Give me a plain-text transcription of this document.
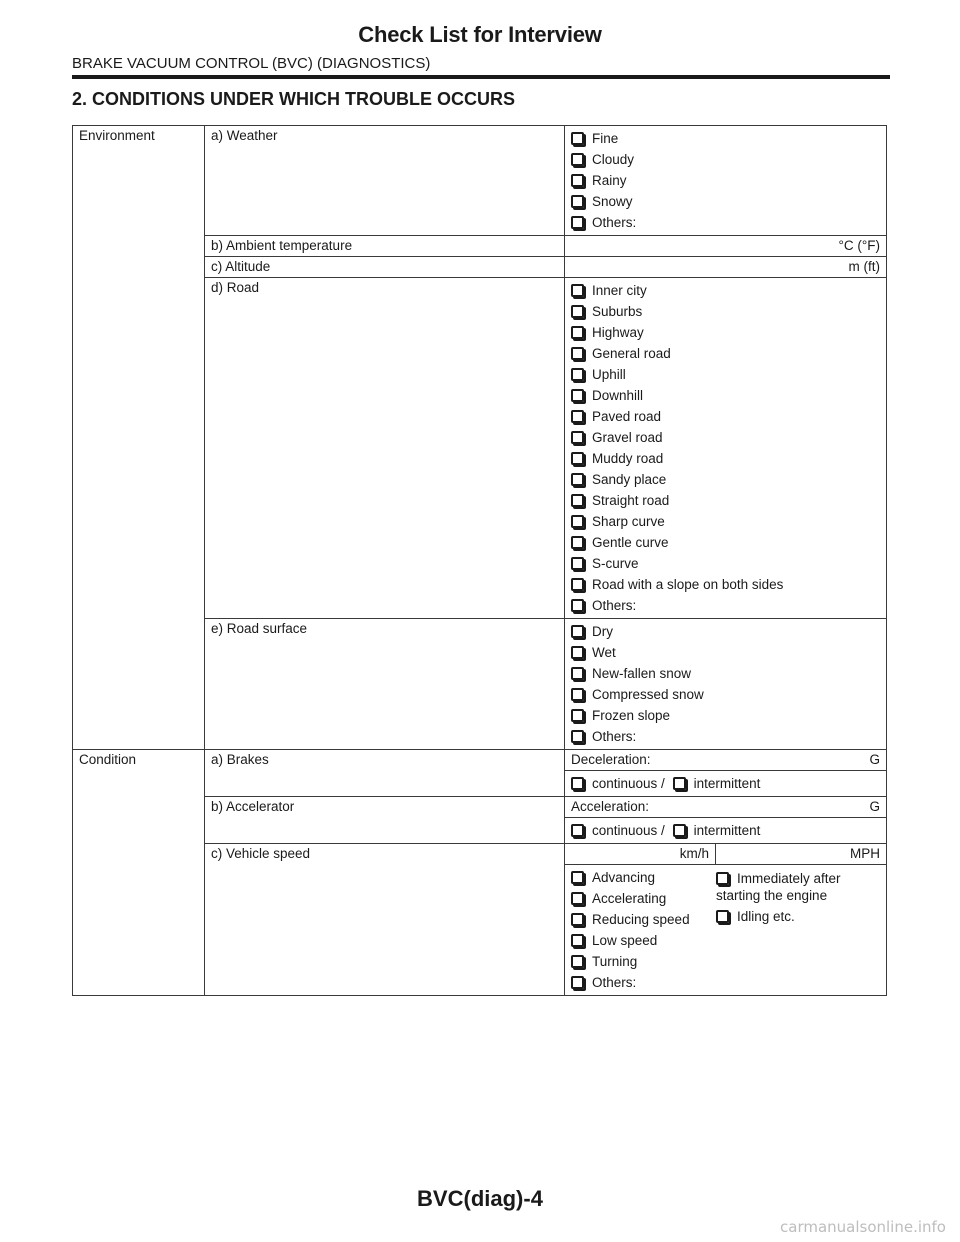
Check List for Interview
BRAKE VACUUM CONTROL (BVC) (DIAGNOSTICS)
2. CONDITIONS UNDER WHICH TROUBLE OCCURS
Environment	a) Weather	Fine
Cloudy
Rainy
Snowy
Others:

b) Ambient temperature	°C (°F)
c) Altitude	m (ft)
d) Road	Inner city
Suburbs
Highway
General road
Uphill
Downhill
Paved road
Gravel road
Muddy road
Sandy place
Straight road
Sharp curve
Gentle curve
S-curve
Road with a slope on both sides
Others:

e) Road surface	Dry
Wet
New-fallen snow
Compressed snow
Frozen slope
Others:

Condition	a) Brakes	Deceleration:	G

continuous / intermittent

b) Accelerator	Acceleration:	G

continuous / intermittent

c) Vehicle speed		km/h	MPH

Advancing
Accelerating
Reducing speed
Low speed
Turning
Others:
Immediately after starting the engine
Idling etc.
BVC(diag)-4
carmanualsonline.info
